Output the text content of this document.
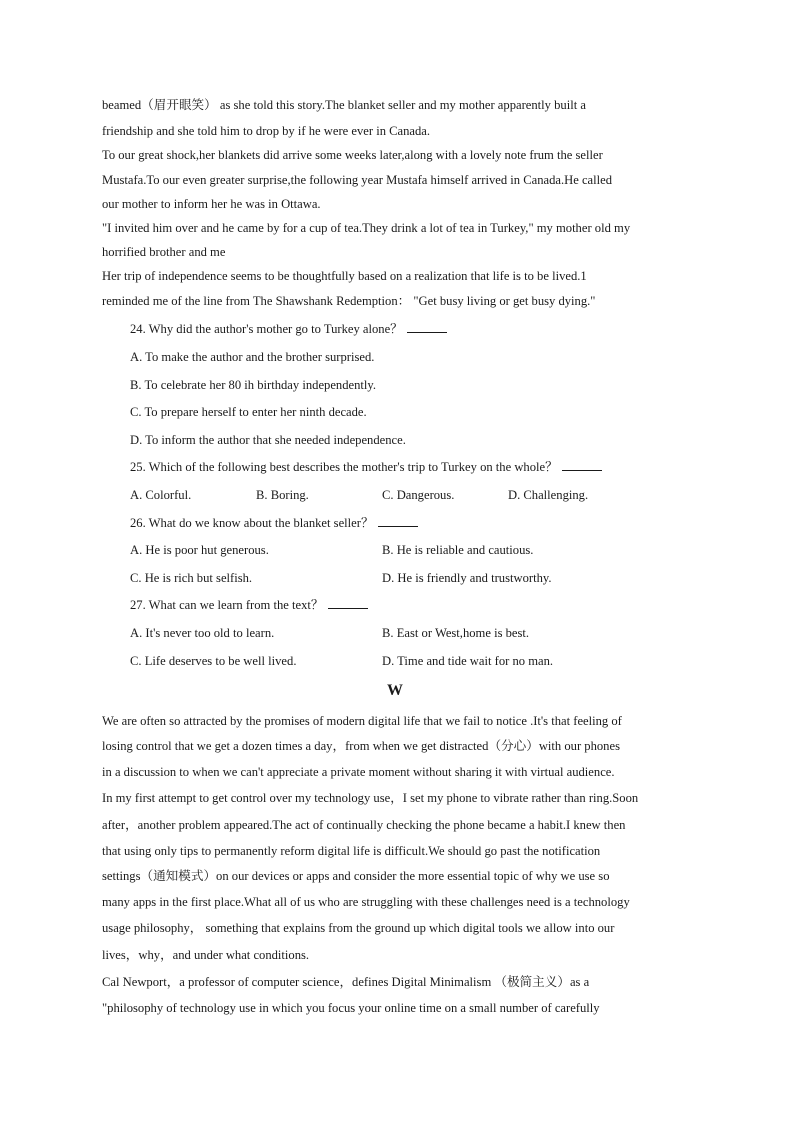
beamed（眉开眼笑） as she told this story.The blanket seller and my mother apparently built a
friendship and she told him to drop by if he were ever in Canada.
To our great shock,her blankets did arrive some weeks later,along with a lovely note frum the seller
Mustafa.To our even greater surprise,the following year Mustafa himself arrived in Canada.He called
our mother to inform her he was in Ottawa.
"I invited him over and he came by for a cup of tea.They drink a lot of tea in Turkey," my mother old my
horrified brother and me
Her trip of independence seems to be thoughtfully based on a realization that life is to be lived.1
reminded me of the line from The Shawshank Redemption： "Get busy living or get busy dying."
24. Why did the author's mother go to Turkey alone？
A. To make the author and the brother surprised.
B. To celebrate her 80 ih birthday independently.
C. To prepare herself to enter her ninth decade.
D. To inform the author that she needed independence.
25. Which of the following best describes the mother's trip to Turkey on the whole？
A. Colorful.	B. Boring.	C. Dangerous.	D. Challenging.
26. What do we know about the blanket seller？
A. He is poor hut generous.	B. He is reliable and cautious.
C. He is rich but selfish.	D. He is friendly and trustworthy.
27. What can we learn from the text？
A. It's never too old to learn.	B. East or West,home is best.
C. Life deserves to be well lived.	D. Time and tide wait for no man.
W
We are often so attracted by the promises of modern digital life that we fail to notice .It's that feeling of
losing control that we get a dozen times a day，from when we get distracted（分心）with our phones
in a discussion to when we can't appreciate a private moment without sharing it with virtual audience.
In my first attempt to get control over my technology use，I set my phone to vibrate rather than ring.Soon
after，another problem appeared.The act of continually checking the phone became a habit.I knew then
that using only tips to permanently reform digital life is difficult.We should go past the notification
settings（通知模式）on our devices or apps and consider the more essential topic of why we use so
many apps in the first place.What all of us who are struggling with these challenges need is a technology
usage philosophy， something that explains from the ground up which digital tools we allow into our
lives，why，and under what conditions.
Cal Newport，a professor of computer science，defines Digital Minimalism （极简主义）as a
"philosophy of technology use in which you focus your online time on a small number of carefully
